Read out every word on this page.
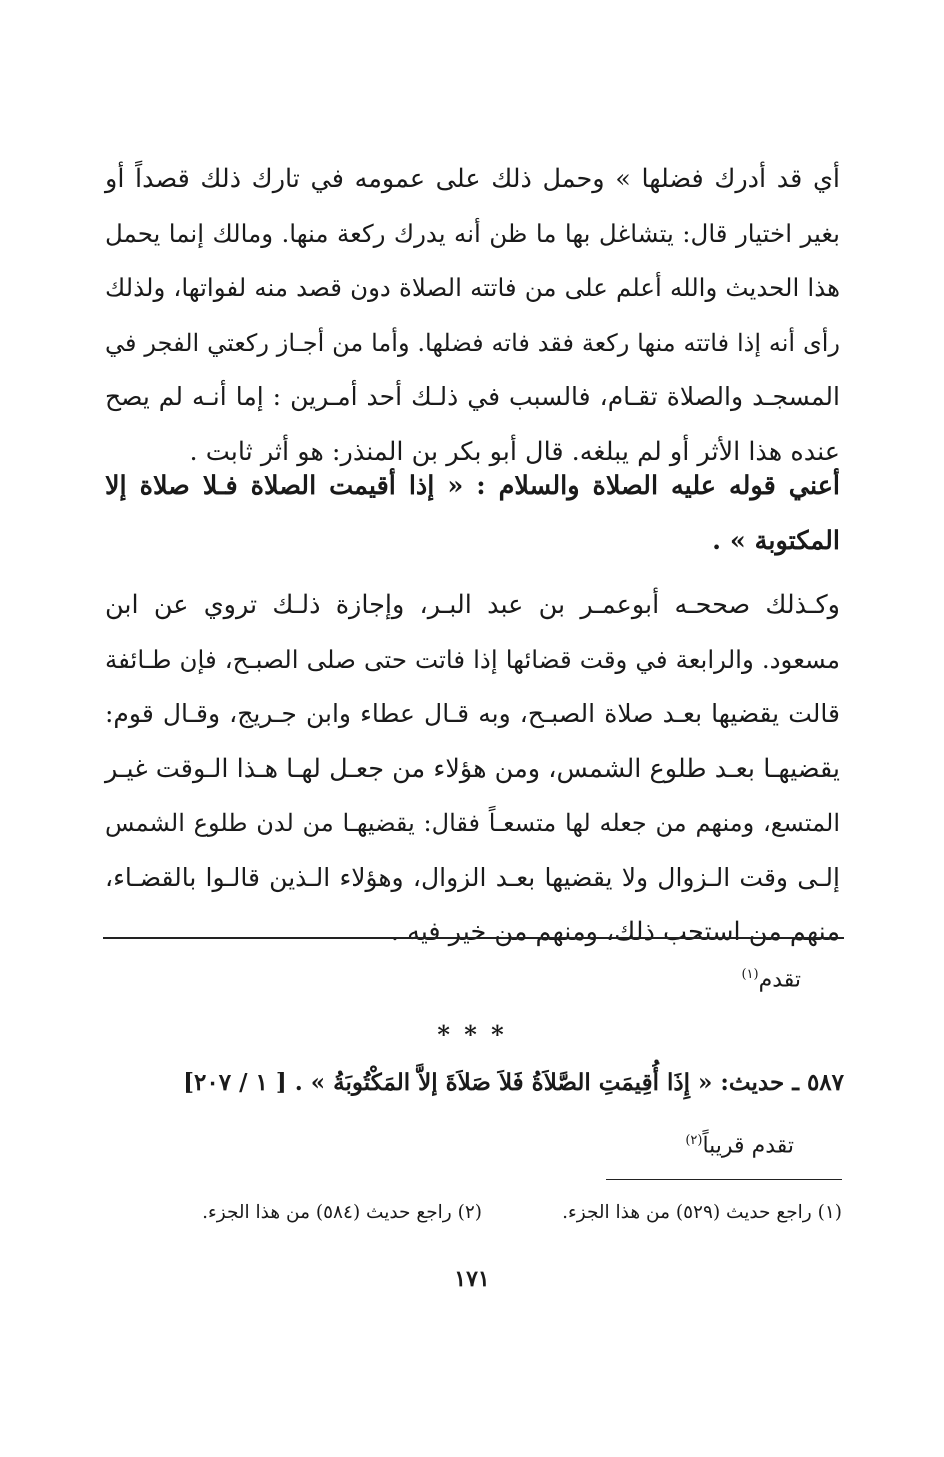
أي قد أدرك فضلها » وحمل ذلك على عمومه في تارك ذلك قصداً أو
بغير اختيار قال: يتشاغل بها ما ظن أنه يدرك ركعة منها. ومالك إنما يحمل
هذا الحديث والله أعلم على من فاتته الصلاة دون قصد منه لفواتها، ولذلك
رأى أنه إذا فاتته منها ركعة فقد فاته فضلها. وأما من أجـاز ركعتي الفجر في
المسجـد والصلاة تقـام، فالسبب في ذلـك أحد أمـرين : إما أنـه لم يصح
عنده هذا الأثر أو لم يبلغه. قال أبو بكر بن المنذر: هو أثر ثابت .
أعني قوله عليه الصلاة والسلام : « إذا أقيمت الصلاة فـلا صلاة إلا
المكتوبة » .
وكـذلك صححـه أبوعمـر بن عبد البـر، وإجازة ذلـك تروي عن ابن
مسعود. والرابعة في وقت قضائها إذا فاتت حتى صلى الصبـح، فإن طـائفة
قالت يقضيها بعـد صلاة الصبـح، وبه قـال عطاء وابن جـريج، وقـال قوم:
يقضيهـا بعـد طلوع الشمس، ومن هؤلاء من جعـل لهـا هـذا الـوقت غيـر
المتسع، ومنهم من جعله لها متسعـاً فقال: يقضيهـا من لدن طلوع الشمس
إلـى وقت الـزوال ولا يقضيها بعـد الزوال، وهؤلاء الـذين قالـوا بالقضـاء،
منهم من استحب ذلك، ومنهم من خير فيه .
تقدم$^{(١)}$
* * *
٥٨٧ ـ حديث: « إِذَا أُقِيمَتِ الصَّلاَةُ فَلاَ صَلاَةَ إلاَّ المَكْتُوبَةُ » . [ ١ / ٢٠٧]
تقدم قريباً$^{(٢)}$
(١) راجع حديث (٥٢٩) من هذا الجزء.
(٢) راجع حديث (٥٨٤) من هذا الجزء.
١٧١
